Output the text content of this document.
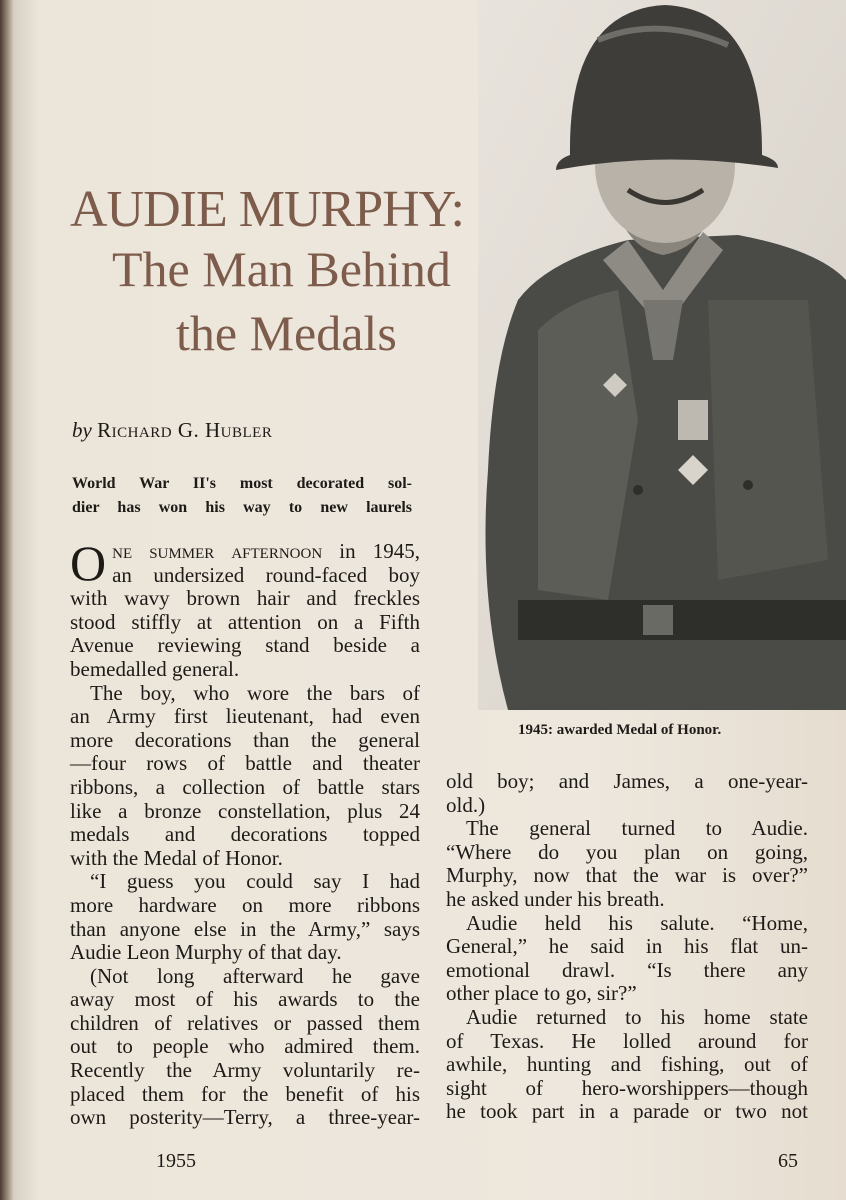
AUDIE MURPHY:
The Man Behind
the Medals
by Richard G. Hubler
World War II's most decorated sol-
dier has won his way to new laurels
1945: awarded Medal of Honor.
One summer afternoon in 1945,
an undersized round-faced boy
with wavy brown hair and freckles
stood stiffly at attention on a Fifth
Avenue reviewing stand beside a
bemedalled general.
The boy, who wore the bars of
an Army first lieutenant, had even
more decorations than the general
—four rows of battle and theater
ribbons, a collection of battle stars
like a bronze constellation, plus 24
medals and decorations topped
with the Medal of Honor.
“I guess you could say I had
more hardware on more ribbons
than anyone else in the Army,” says
Audie Leon Murphy of that day.
(Not long afterward he gave
away most of his awards to the
children of relatives or passed them
out to people who admired them.
Recently the Army voluntarily re-
placed them for the benefit of his
own posterity—Terry, a three-year-
old boy; and James, a one-year-
old.)
The general turned to Audie.
“Where do you plan on going,
Murphy, now that the war is over?”
he asked under his breath.
Audie held his salute. “Home,
General,” he said in his flat un-
emotional drawl. “Is there any
other place to go, sir?”
Audie returned to his home state
of Texas. He lolled around for
awhile, hunting and fishing, out of
sight of hero-worshippers—though
he took part in a parade or two not
1955	65
